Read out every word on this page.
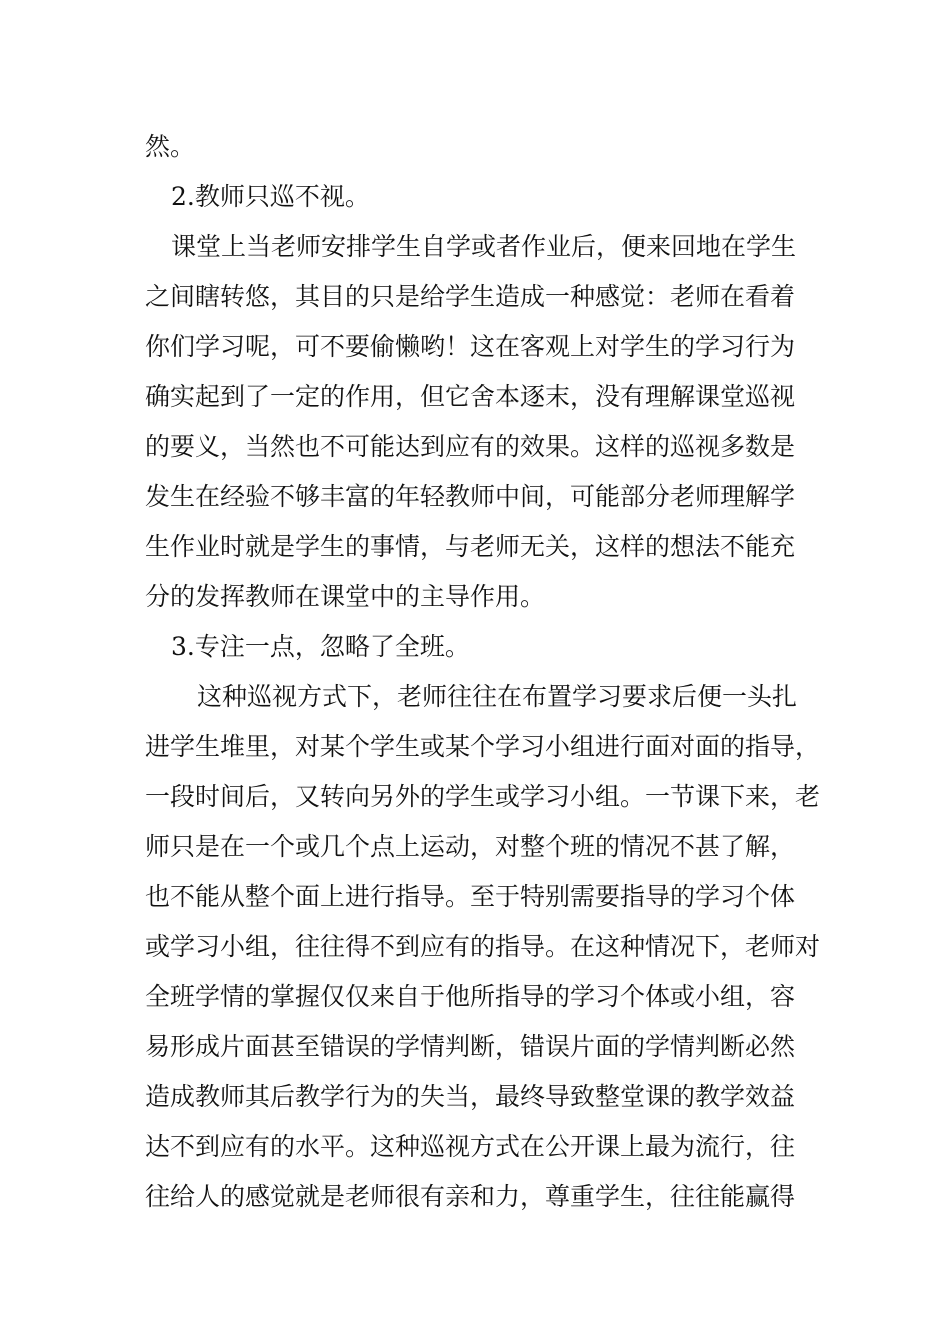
然。
2.教师只巡不视。
课堂上当老师安排学生自学或者作业后，便来回地在学生
之间瞎转悠，其目的只是给学生造成一种感觉：老师在看着
你们学习呢，可不要偷懒哟！这在客观上对学生的学习行为
确实起到了一定的作用，但它舍本逐末，没有理解课堂巡视
的要义，当然也不可能达到应有的效果。这样的巡视多数是
发生在经验不够丰富的年轻教师中间，可能部分老师理解学
生作业时就是学生的事情，与老师无关，这样的想法不能充
分的发挥教师在课堂中的主导作用。
3.专注一点，忽略了全班。
这种巡视方式下，老师往往在布置学习要求后便一头扎
进学生堆里，对某个学生或某个学习小组进行面对面的指导，
一段时间后，又转向另外的学生或学习小组。一节课下来，老
师只是在一个或几个点上运动，对整个班的情况不甚了解，
也不能从整个面上进行指导。至于特别需要指导的学习个体
或学习小组，往往得不到应有的指导。在这种情况下，老师对
全班学情的掌握仅仅来自于他所指导的学习个体或小组，容
易形成片面甚至错误的学情判断，错误片面的学情判断必然
造成教师其后教学行为的失当，最终导致整堂课的教学效益
达不到应有的水平。这种巡视方式在公开课上最为流行，往
往给人的感觉就是老师很有亲和力，尊重学生，往往能赢得
